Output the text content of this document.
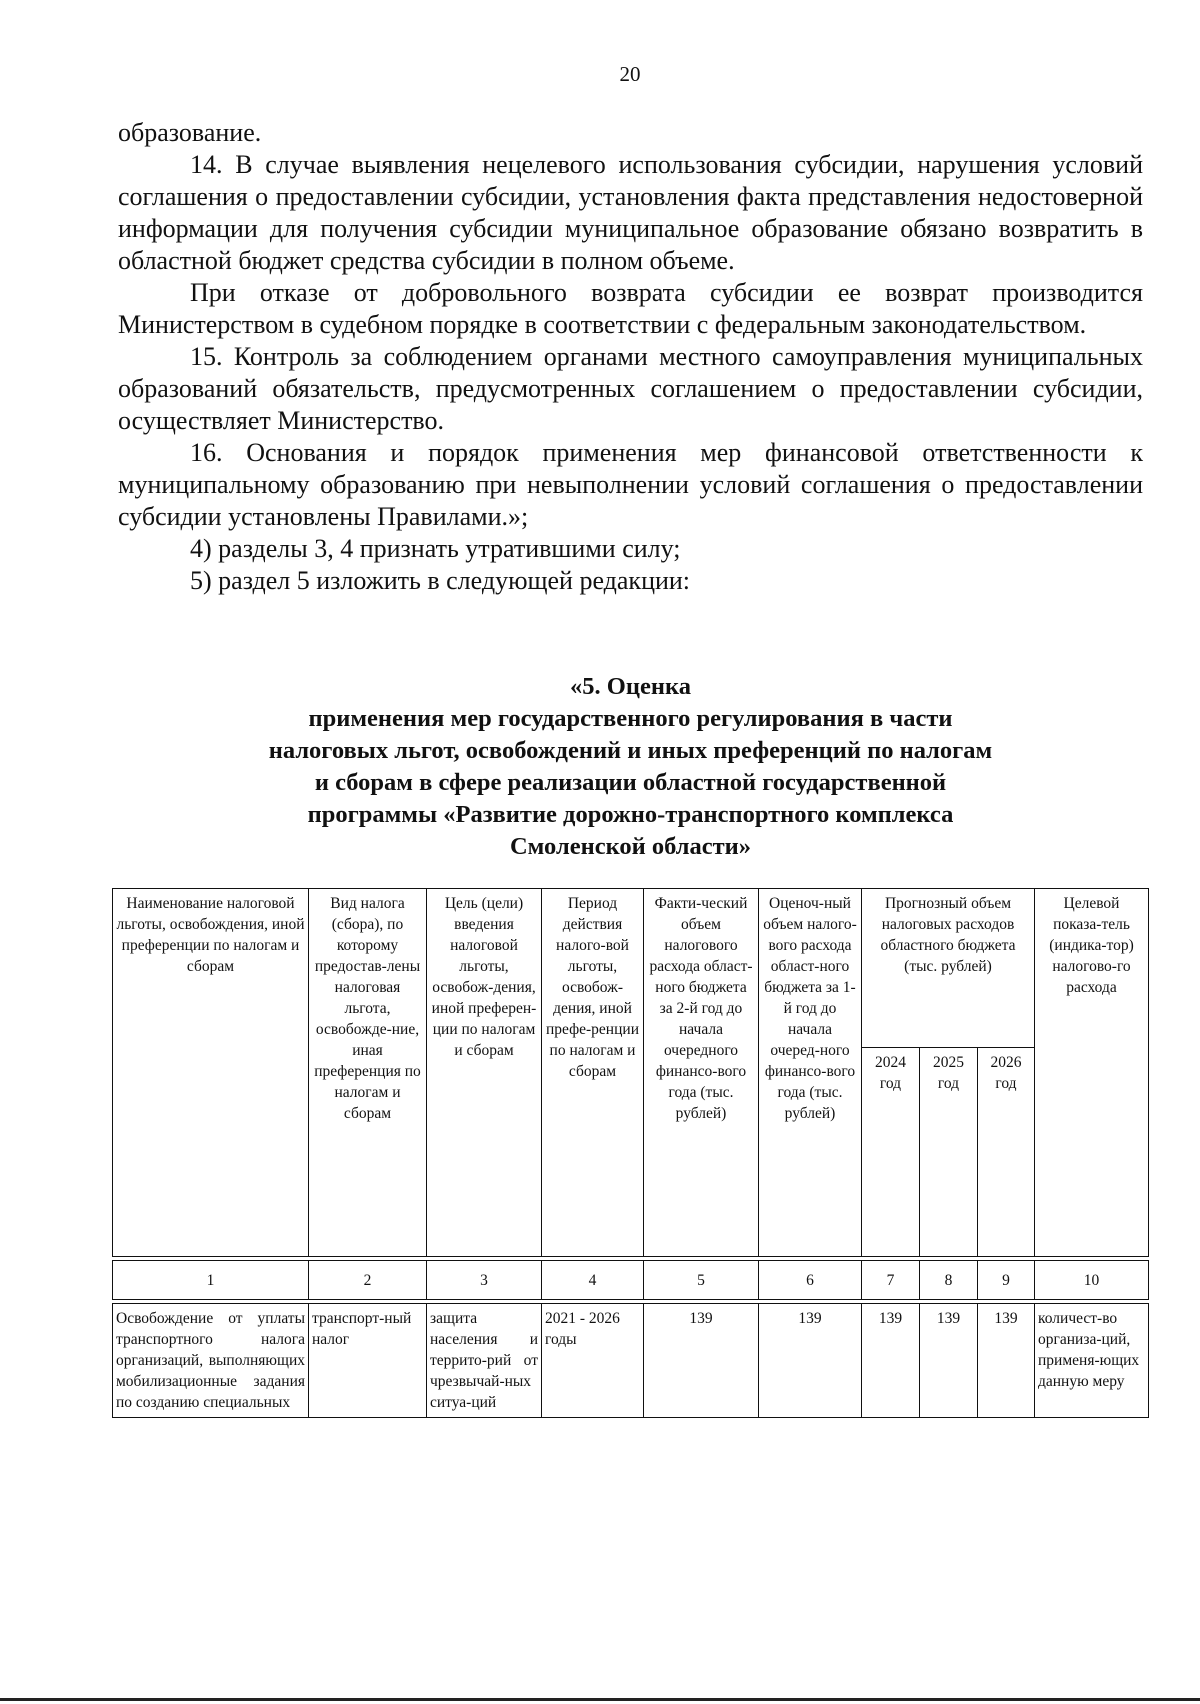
20

образование.

14. В случае выявления нецелевого использования субсидии, нарушения условий соглашения о предоставлении субсидии, установления факта представления недостоверной информации для получения субсидии муниципальное образование обязано возвратить в областной бюджет средства субсидии в полном объеме.

При отказе от добровольного возврата субсидии ее возврат производится Министерством в судебном порядке в соответствии с федеральным законодательством.

15. Контроль за соблюдением органами местного самоуправления муниципальных образований обязательств, предусмотренных соглашением о предоставлении субсидии, осуществляет Министерство.

16. Основания и порядок применения мер финансовой ответственности к муниципальному образованию при невыполнении условий соглашения о предоставлении субсидии установлены Правилами.»;

4) разделы 3, 4 признать утратившими силу;

5) раздел 5 изложить в следующей редакции:

«5. Оценка
применения мер государственного регулирования в части
налоговых льгот, освобождений и иных преференций по налогам
и сборам в сфере реализации областной государственной
программы «Развитие дорожно-транспортного комплекса
Смоленской области»
Наименование налоговой льготы, освобождения, иной преференции по налогам и сборам	Вид налога (сбора), по которому предостав-лены налоговая льгота, освобожде-ние, иная преференция по налогам и сборам	Цель (цели) введения налоговой льготы, освобож-дения, иной преферен-ции по налогам и сборам	Период действия налого-вой льготы, освобож-дения, иной префе-ренции по налогам и сборам	Факти-ческий объем налогового расхода област-ного бюджета за 2-й год до начала очередного финансо-вого года (тыс. рублей)	Оценоч-ный объем налого-вого расхода област-ного бюджета за 1-й год до начала очеред-ного финансо-вого года (тыс. рублей)	Прогнозный объем налоговых расходов областного бюджета (тыс. рублей)			Целевой показа-тель (индика-тор) налогово-го расхода
						2024 год	2025 год	2026 год	

1	2	3	4	5	6	7	8	9	10

Освобождение от уплаты транспортного налога организаций, выполняющих мобилизационные задания по созданию специальных	транспорт-ный налог	защита населения и террито-рий от чрезвычай-ных ситуа-ций	2021 - 2026 годы	139	139	139	139	139	количест-во организа-ций, применя-ющих данную меру
